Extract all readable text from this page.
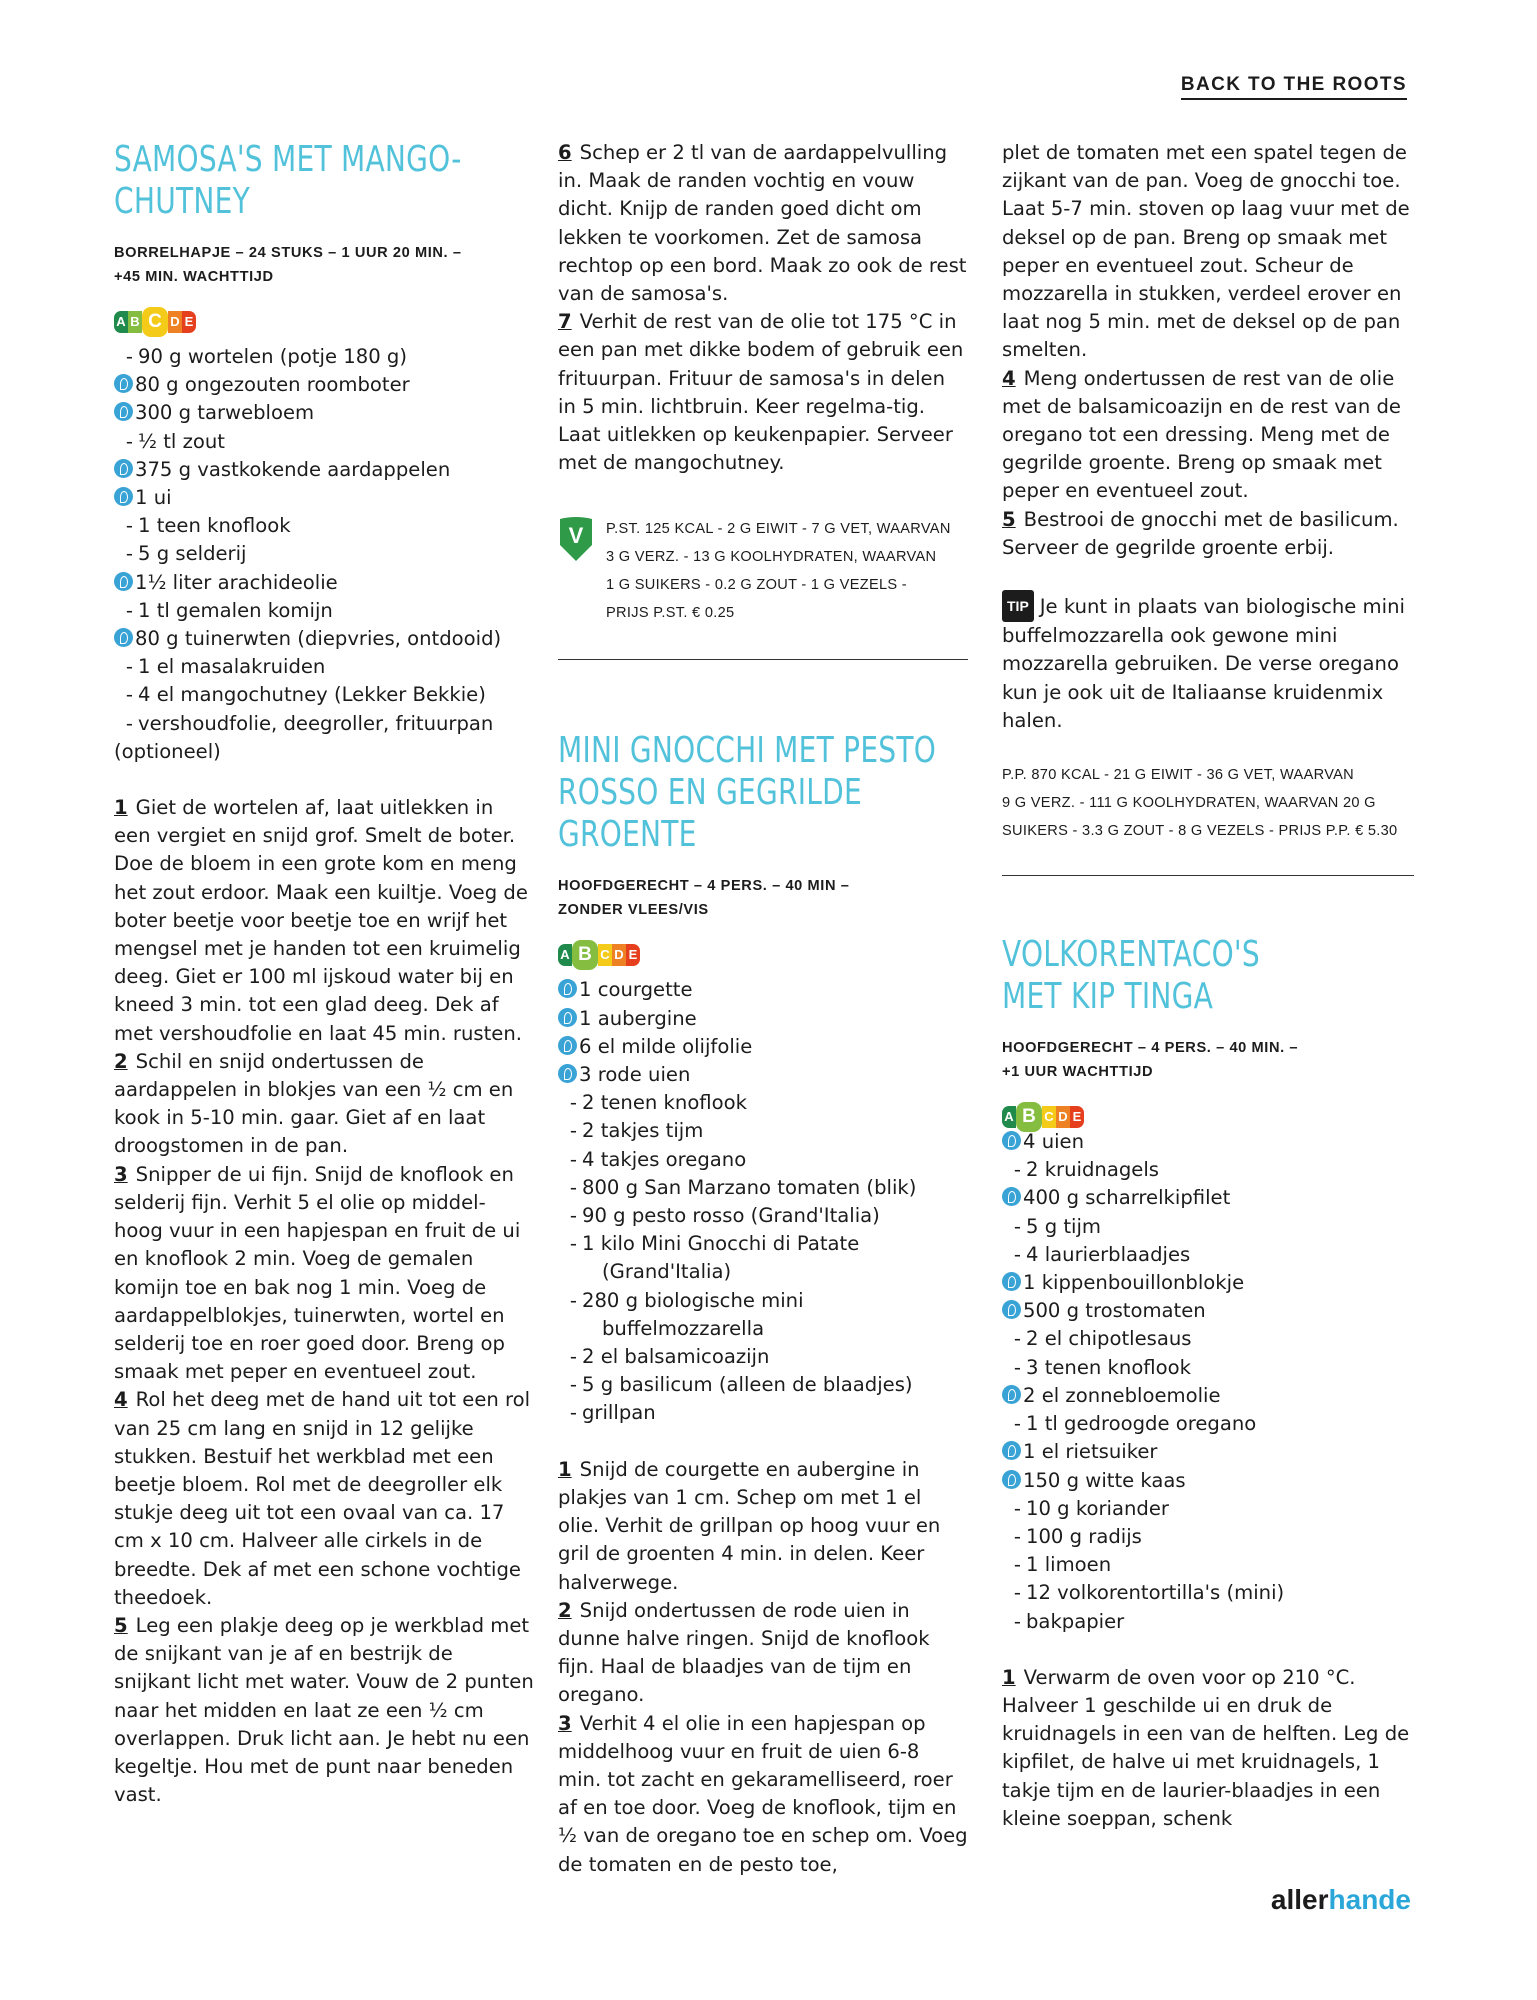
BACK TO THE ROOTS
SAMOSA'S MET MANGO-
CHUTNEY
BORRELHAPJE – 24 STUKS – 1 UUR 20 MIN. –
+45 MIN. WACHTTIJD
A B C D E
- 90 g wortelen (potje 180 g)
80 g ongezouten roomboter
300 g tarwebloem
- ½ tl zout
375 g vastkokende aardappelen
1 ui
- 1 teen knoflook
- 5 g selderij
1½ liter arachideolie
- 1 tl gemalen komijn
80 g tuinerwten (diepvries, ontdooid)
- 1 el masalakruiden
- 4 el mangochutney (Lekker Bekkie)
- vershoudfolie, deegroller, frituurpan
(optioneel)

1 Giet de wortelen af, laat uitlekken in een vergiet en snijd grof. Smelt de boter. Doe de bloem in een grote kom en meng het zout erdoor. Maak een kuiltje. Voeg de boter beetje voor beetje toe en wrijf het mengsel met je handen tot een kruimelig deeg. Giet er 100 ml ijskoud water bij en kneed 3 min. tot een glad deeg. Dek af met vershoudfolie en laat 45 min. rusten.

2 Schil en snijd ondertussen de aardappelen in blokjes van een ½ cm en kook in 5-10 min. gaar. Giet af en laat droogstomen in de pan.

3 Snipper de ui fijn. Snijd de knoflook en selderij fijn. Verhit 5 el olie op middel-hoog vuur in een hapjespan en fruit de ui en knoflook 2 min. Voeg de gemalen komijn toe en bak nog 1 min. Voeg de aardappelblokjes, tuinerwten, wortel en selderij toe en roer goed door. Breng op smaak met peper en eventueel zout.

4 Rol het deeg met de hand uit tot een rol van 25 cm lang en snijd in 12 gelijke stukken. Bestuif het werkblad met een beetje bloem. Rol met de deegroller elk stukje deeg uit tot een ovaal van ca. 17 cm x 10 cm. Halveer alle cirkels in de breedte. Dek af met een schone vochtige theedoek.

5 Leg een plakje deeg op je werkblad met de snijkant van je af en bestrijk de snijkant licht met water. Vouw de 2 punten naar het midden en laat ze een ½ cm overlappen. Druk licht aan. Je hebt nu een kegeltje. Hou met de punt naar beneden vast.

6 Schep er 2 tl van de aardappelvulling in. Maak de randen vochtig en vouw dicht. Knijp de randen goed dicht om lekken te voorkomen. Zet de samosa rechtop op een bord. Maak zo ook de rest van de samosa's.

7 Verhit de rest van de olie tot 175 °C in een pan met dikke bodem of gebruik een frituurpan. Frituur de samosa's in delen in 5 min. lichtbruin. Keer regelma-tig. Laat uitlekken op keukenpapier. Serveer met de mangochutney.

V P.ST. 125 KCAL - 2 G EIWIT - 7 G VET, WAARVAN
3 G VERZ. - 13 G KOOLHYDRATEN, WAARVAN
1 G SUIKERS - 0.2 G ZOUT - 1 G VEZELS -
PRIJS P.ST. € 0.25
MINI GNOCCHI MET PESTO
ROSSO EN GEGRILDE GROENTE
HOOFDGERECHT – 4 PERS. – 40 MIN –
ZONDER VLEES/VIS
A B C D E
1 courgette
1 aubergine
6 el milde olijfolie
3 rode uien
- 2 tenen knoflook
- 2 takjes tijm
- 4 takjes oregano
- 800 g San Marzano tomaten (blik)
- 90 g pesto rosso (Grand'Italia)
- 1 kilo Mini Gnocchi di Patate
(Grand'Italia)
- 280 g biologische mini
buffelmozzarella
- 2 el balsamicoazijn
- 5 g basilicum (alleen de blaadjes)
- grillpan

1 Snijd de courgette en aubergine in plakjes van 1 cm. Schep om met 1 el olie. Verhit de grillpan op hoog vuur en gril de groenten 4 min. in delen. Keer halverwege.

2 Snijd ondertussen de rode uien in dunne halve ringen. Snijd de knoflook fijn. Haal de blaadjes van de tijm en oregano.

3 Verhit 4 el olie in een hapjespan op middelhoog vuur en fruit de uien 6-8 min. tot zacht en gekaramelliseerd, roer af en toe door. Voeg de knoflook, tijm en ½ van de oregano toe en schep om. Voeg de tomaten en de pesto toe,

plet de tomaten met een spatel tegen de zijkant van de pan. Voeg de gnocchi toe. Laat 5-7 min. stoven op laag vuur met de deksel op de pan. Breng op smaak met peper en eventueel zout. Scheur de mozzarella in stukken, verdeel erover en laat nog 5 min. met de deksel op de pan smelten.

4 Meng ondertussen de rest van de olie met de balsamicoazijn en de rest van de oregano tot een dressing. Meng met de gegrilde groente. Breng op smaak met peper en eventueel zout.

5 Bestrooi de gnocchi met de basilicum. Serveer de gegrilde groente erbij.

TIP Je kunt in plaats van biologische mini buffelmozzarella ook gewone mini mozzarella gebruiken. De verse oregano kun je ook uit de Italiaanse kruidenmix halen.

P.P. 870 KCAL - 21 G EIWIT - 36 G VET, WAARVAN
9 G VERZ. - 111 G KOOLHYDRATEN, WAARVAN 20 G
SUIKERS - 3.3 G ZOUT - 8 G VEZELS - PRIJS P.P. € 5.30
VOLKORENTACO'S
MET KIP TINGA
HOOFDGERECHT – 4 PERS. – 40 MIN. –
+1 UUR WACHTTIJD
A B C D E
4 uien
- 2 kruidnagels
400 g scharrelkipfilet
- 5 g tijm
- 4 laurierblaadjes
1 kippenbouillonblokje
500 g trostomaten
- 2 el chipotlesaus
- 3 tenen knoflook
2 el zonnebloemolie
- 1 tl gedroogde oregano
1 el rietsuiker
150 g witte kaas
- 10 g koriander
- 100 g radijs
- 1 limoen
- 12 volkorentortilla's (mini)
- bakpapier

1 Verwarm de oven voor op 210 °C. Halveer 1 geschilde ui en druk de kruidnagels in een van de helften. Leg de kipfilet, de halve ui met kruidnagels, 1 takje tijm en de laurier-blaadjes in een kleine soeppan, schenk

allerhande
